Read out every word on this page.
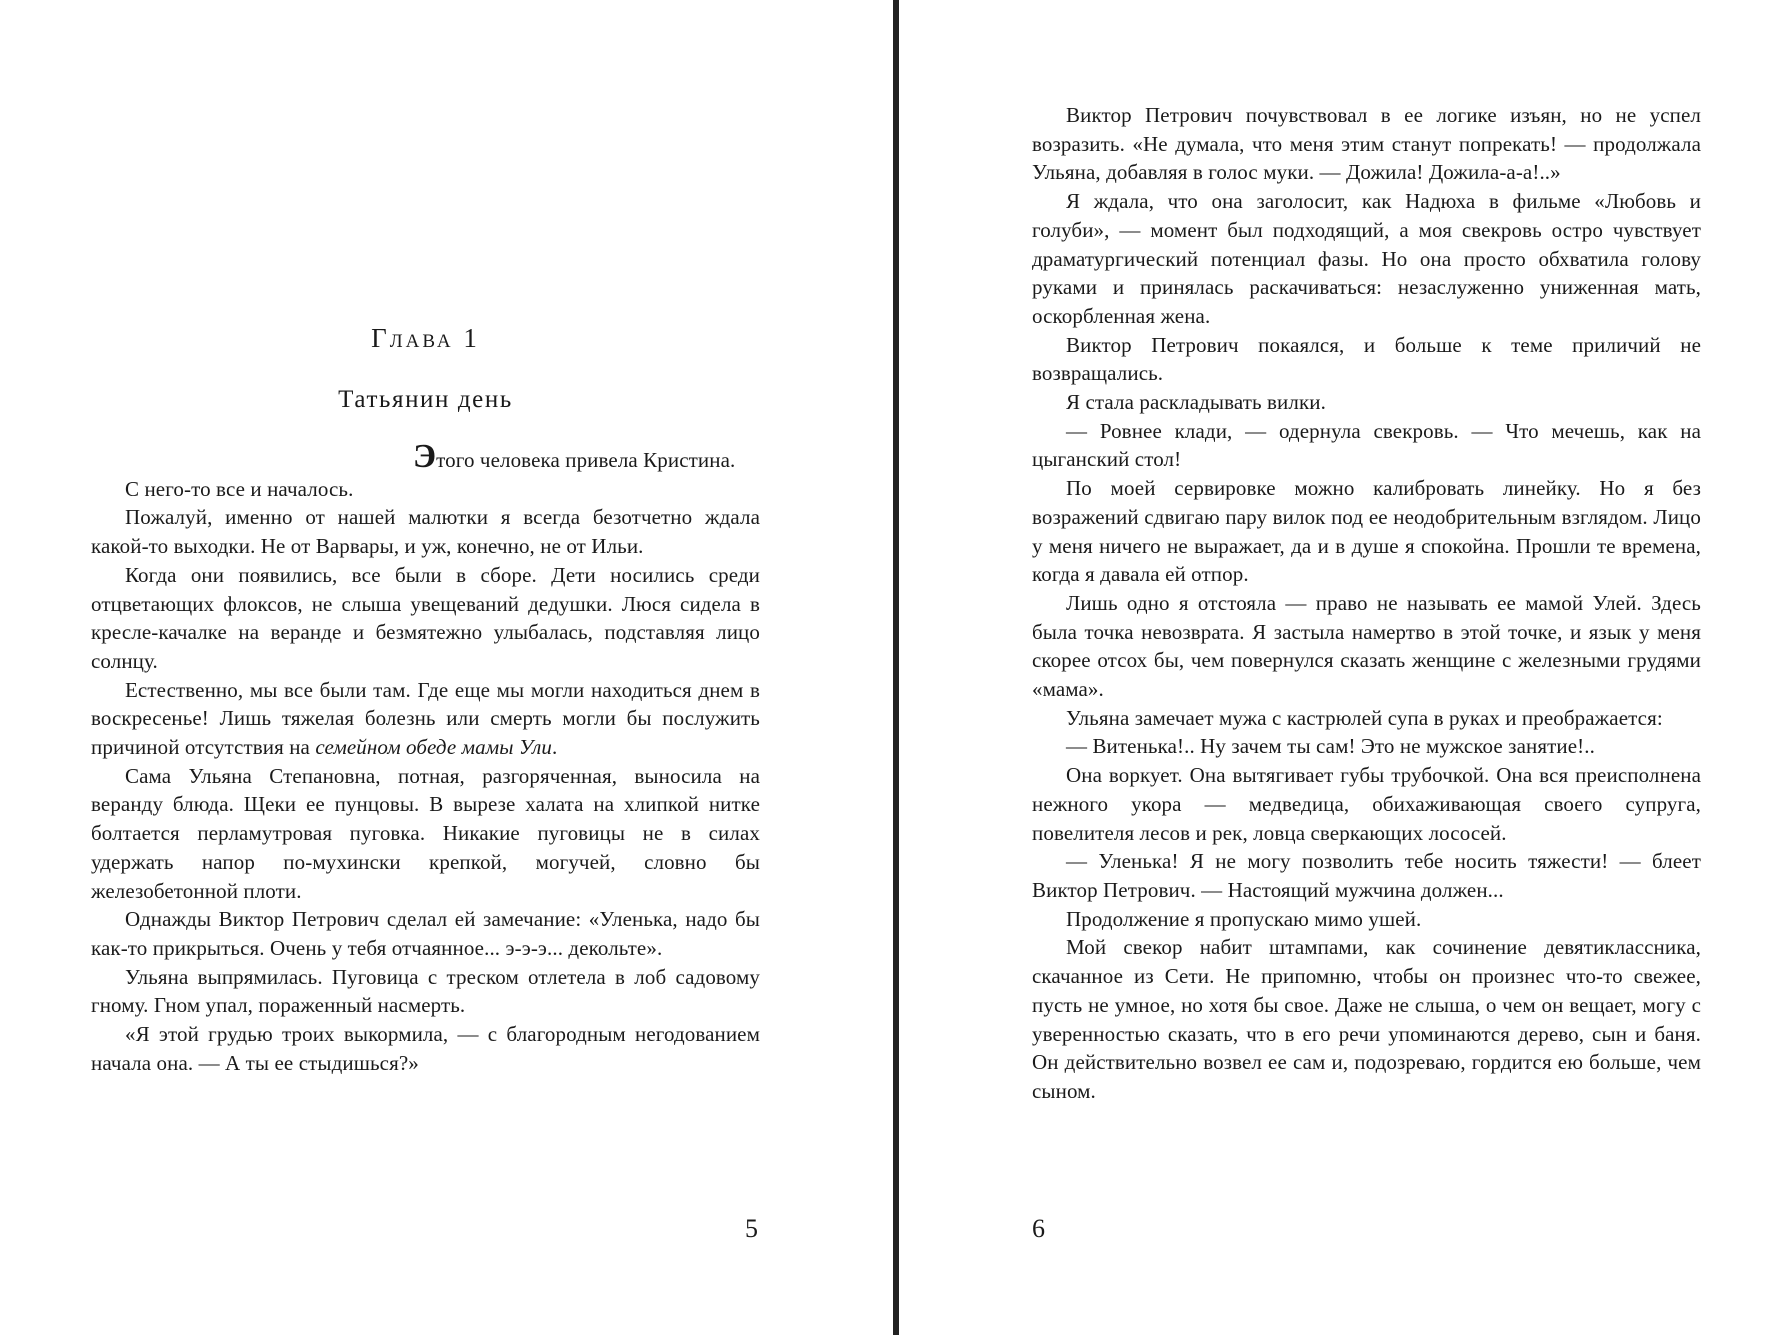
Глава 1
Татьянин день

Этого человека привела Кристина.

С него-то все и началось.

Пожалуй, именно от нашей малютки я всегда безотчетно ждала какой-то выходки. Не от Варвары, и уж, конечно, не от Ильи.

Когда они появились, все были в сборе. Дети носились среди отцветающих флоксов, не слыша увещеваний дедушки. Люся сидела в кресле-качалке на веранде и безмятежно улыбалась, подставляя лицо солнцу.

Естественно, мы все были там. Где еще мы могли находиться днем в воскресенье! Лишь тяжелая болезнь или смерть могли бы послужить причиной отсутствия на семейном обеде мамы Ули.

Сама Ульяна Степановна, потная, разгоряченная, выносила на веранду блюда. Щеки ее пунцовы. В вырезе халата на хлипкой нитке болтается перламутровая пуговка. Никакие пуговицы не в силах удержать напор по-мухински крепкой, могучей, словно бы железобетонной плоти.

Однажды Виктор Петрович сделал ей замечание: «Уленька, надо бы как-то прикрыться. Очень у тебя отчаянное... э-э-э... декольте».

Ульяна выпрямилась. Пуговица с треском отлетела в лоб садовому гному. Гном упал, пораженный насмерть.

«Я этой грудью троих выкормила, — с благородным негодованием начала она. — А ты ее стыдишься?»

5

Виктор Петрович почувствовал в ее логике изъян, но не успел возразить. «Не думала, что меня этим станут попрекать! — продолжала Ульяна, добавляя в голос муки. — Дожила! Дожила-а-а!..»

Я ждала, что она заголосит, как Надюха в фильме «Любовь и голуби», — момент был подходящий, а моя свекровь остро чувствует драматургический потенциал фазы. Но она просто обхватила голову руками и принялась раскачиваться: незаслуженно униженная мать, оскорбленная жена.

Виктор Петрович покаялся, и больше к теме приличий не возвращались.

Я стала раскладывать вилки.

— Ровнее клади, — одернула свекровь. — Что мечешь, как на цыганский стол!

По моей сервировке можно калибровать линейку. Но я без возражений сдвигаю пару вилок под ее неодобрительным взглядом. Лицо у меня ничего не выражает, да и в душе я спокойна. Прошли те времена, когда я давала ей отпор.

Лишь одно я отстояла — право не называть ее мамой Улей. Здесь была точка невозврата. Я застыла намертво в этой точке, и язык у меня скорее отсох бы, чем повернулся сказать женщине с железными грудями «мама».

Ульяна замечает мужа с кастрюлей супа в руках и преображается:

— Витенька!.. Ну зачем ты сам! Это не мужское занятие!..

Она воркует. Она вытягивает губы трубочкой. Она вся преисполнена нежного укора — медведица, обихаживающая своего супруга, повелителя лесов и рек, ловца сверкающих лососей.

— Уленька! Я не могу позволить тебе носить тяжести! — блеет Виктор Петрович. — Настоящий мужчина должен...

Продолжение я пропускаю мимо ушей.

Мой свекор набит штампами, как сочинение девятиклассника, скачанное из Сети. Не припомню, чтобы он произнес что-то свежее, пусть не умное, но хотя бы свое. Даже не слыша, о чем он вещает, могу с уверенностью сказать, что в его речи упоминаются дерево, сын и баня. Он действительно возвел ее сам и, подозреваю, гордится ею больше, чем сыном.

6
